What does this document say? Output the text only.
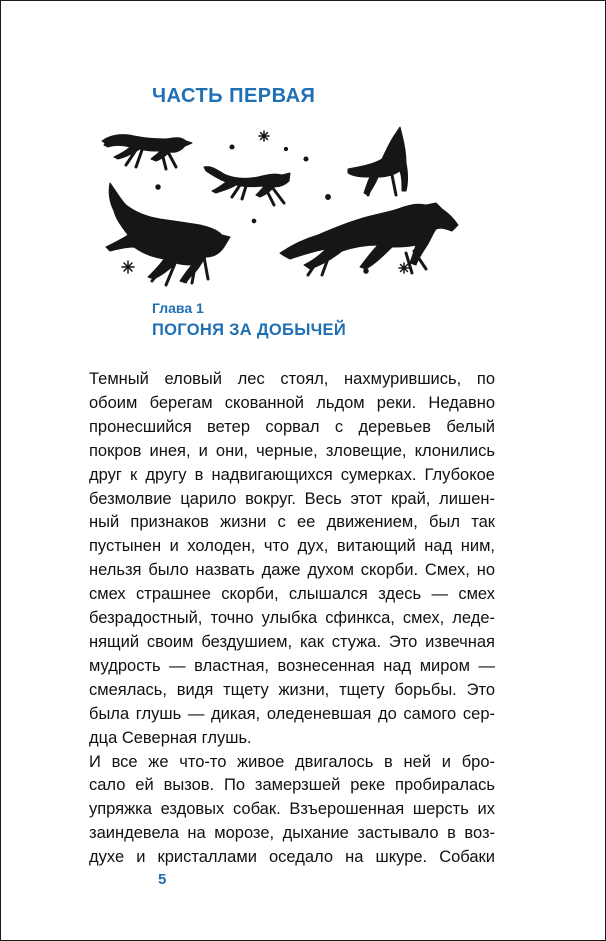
ЧАСТЬ ПЕРВАЯ
Глава 1
ПОГОНЯ ЗА ДОБЫЧЕЙ

Темный еловый лес стоял, нахмурившись, по
обоим берегам скованной льдом реки. Недавно
пронесшийся ветер сорвал с деревьев белый
покров инея, и они, черные, зловещие, клонились
друг к другу в надвигающихся сумерках. Глубокое
безмолвие царило вокруг. Весь этот край, лишен-
ный признаков жизни с ее движением, был так
пустынен и холоден, что дух, витающий над ним,
нельзя было назвать даже духом скорби. Смех, но
смех страшнее скорби, слышался здесь — смех
безрадостный, точно улыбка сфинкса, смех, леде-
нящий своим бездушием, как стужа. Это извечная
мудрость — властная, вознесенная над миром —
смеялась, видя тщету жизни, тщету борьбы. Это
была глушь — дикая, оледеневшая до самого сер-
дца Северная глушь.

И все же что-то живое двигалось в ней и бро-
сало ей вызов. По замерзшей реке пробиралась
упряжка ездовых собак. Взъерошенная шерсть их
заиндевела на морозе, дыхание застывало в воз-
духе и кристаллами оседало на шкуре. Собаки

5
